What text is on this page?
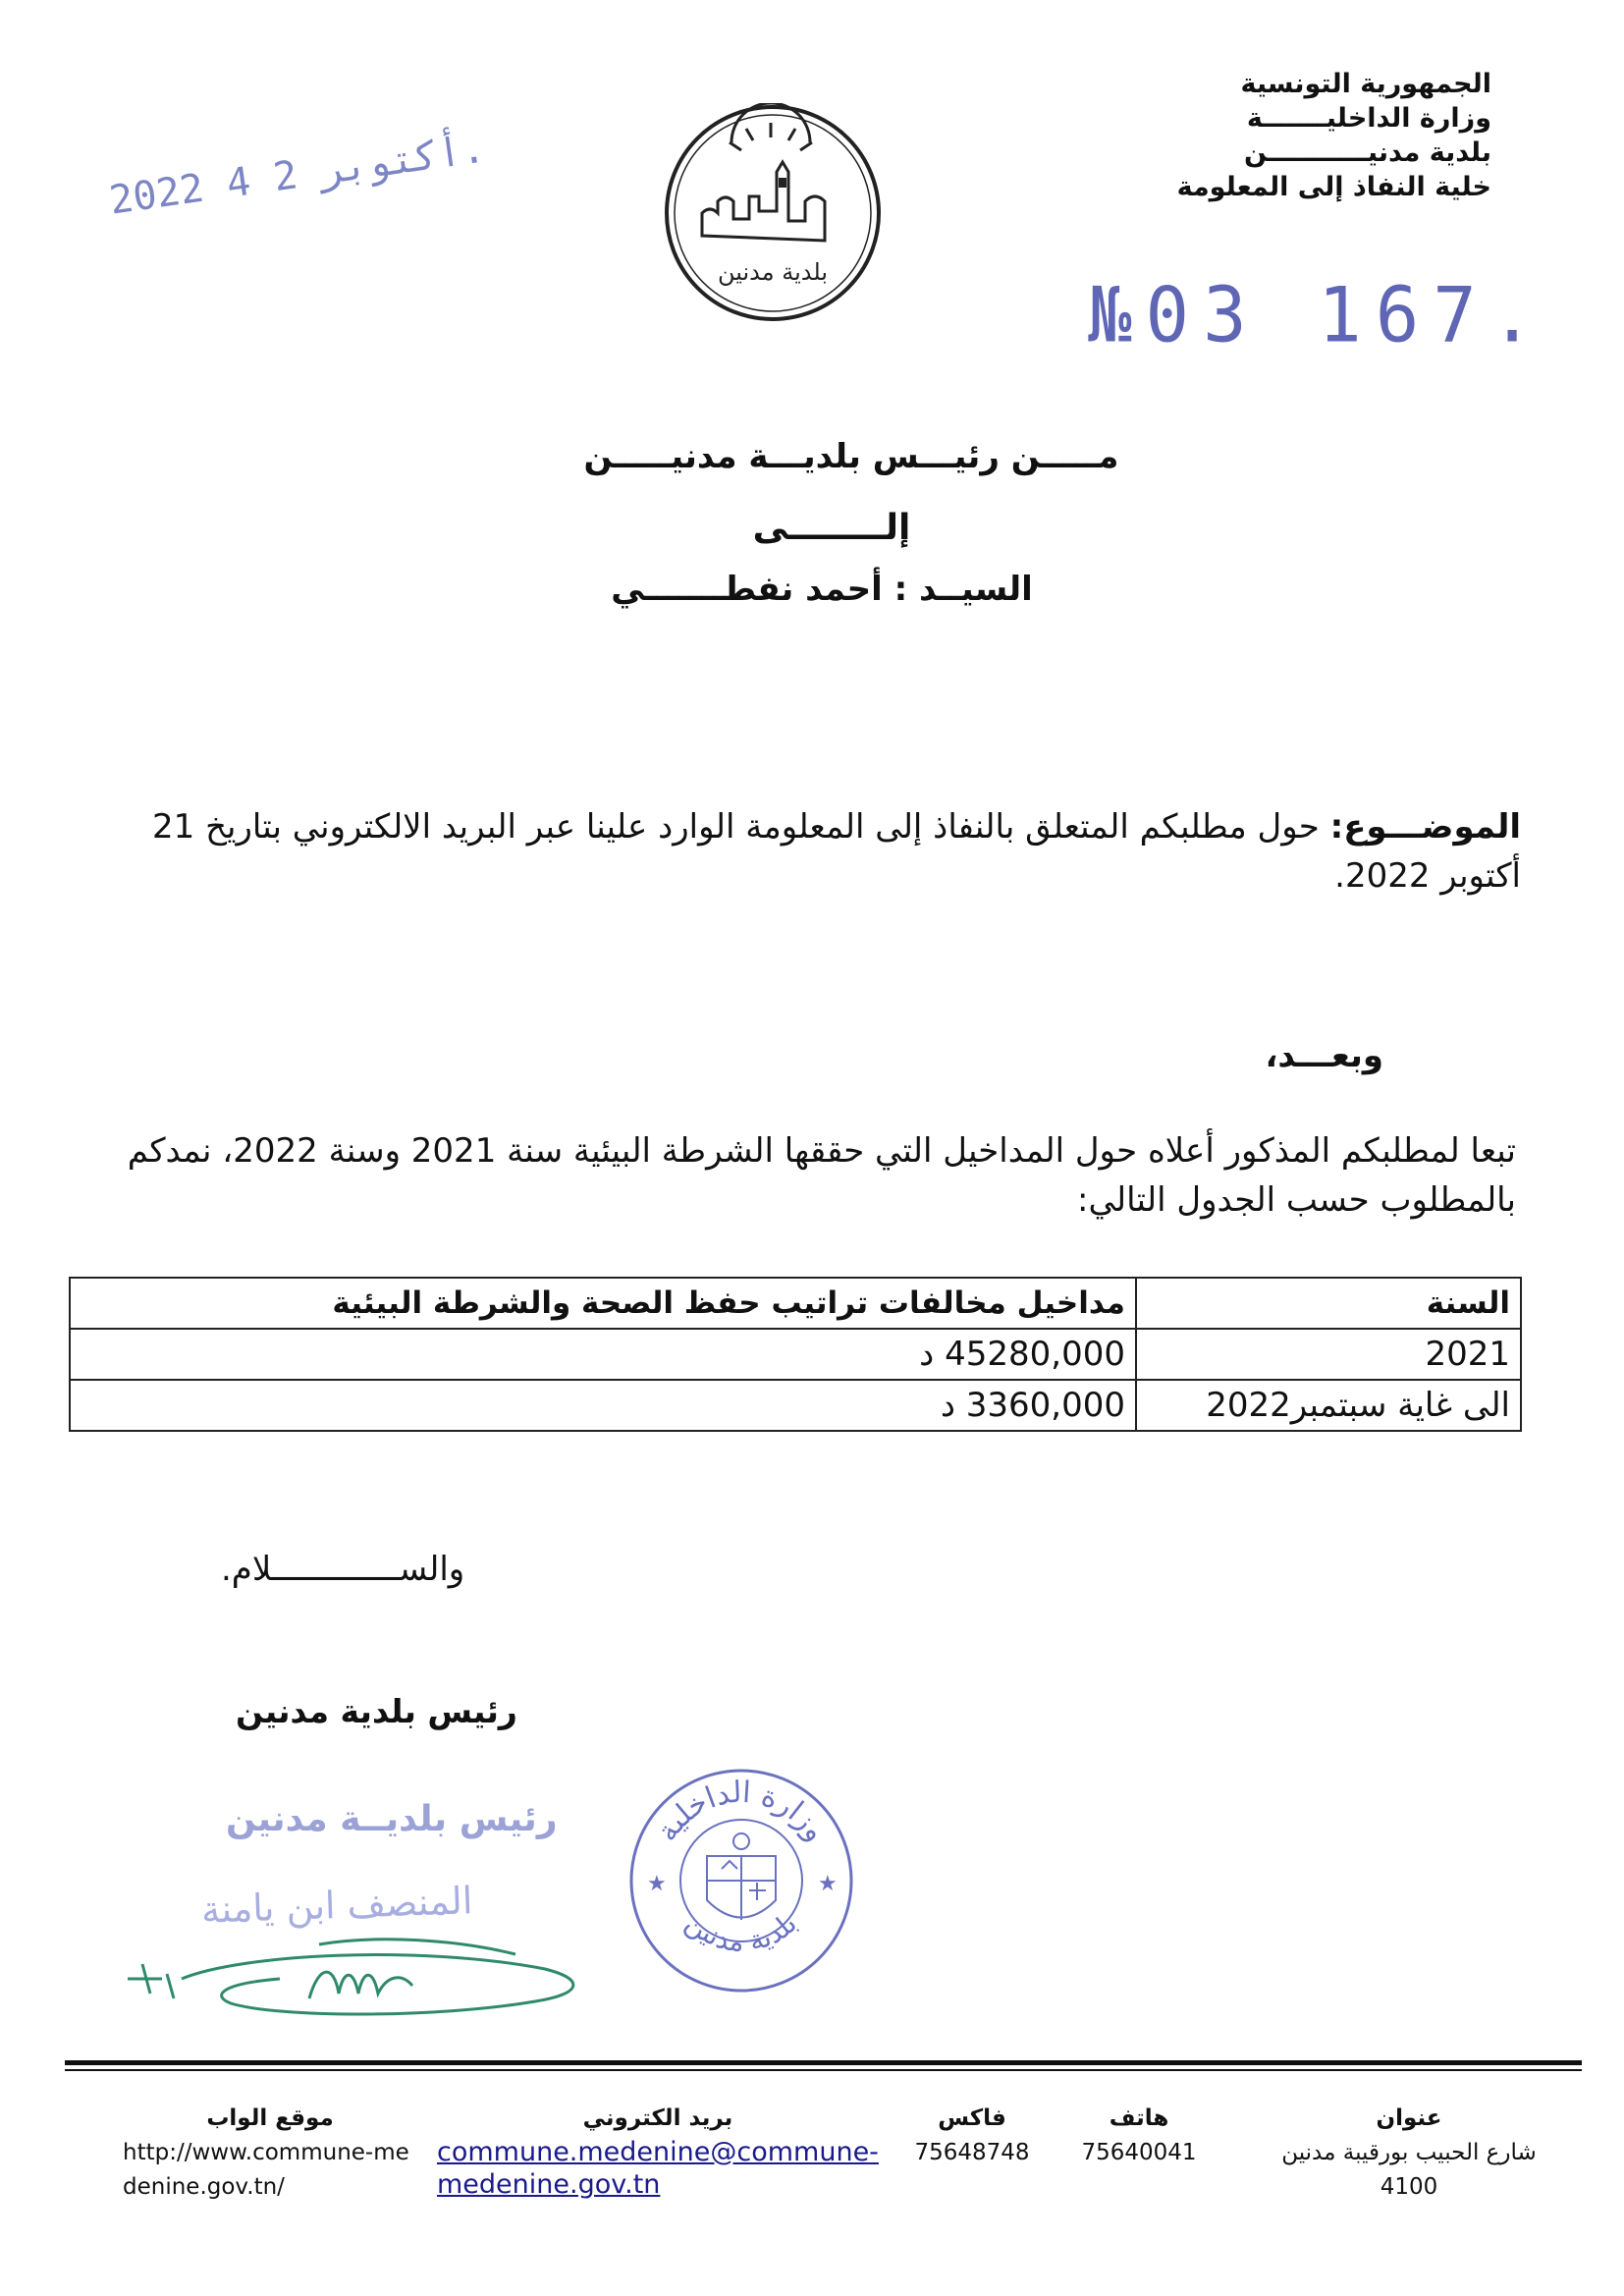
الجمهورية التونسية
وزارة الداخليـــــــة
بلدية مدنيـــــــــــن
خلية النفاذ إلى المعلومة
2022 أكتوبر 2 4.
بلدية مدنين	№03 167.
مـــــن رئيـــس بلديـــة مدنيـــــن
إلــــــــى
السيــد : أحمد نفطـــــــي
الموضـــوع: حول مطلبكم المتعلق بالنفاذ إلى المعلومة الوارد علينا عبر البريد الالكتروني بتاريخ 21 أكتوبر 2022.
وبعـــد،
تبعا لمطلبكم المذكور أعلاه حول المداخيل التي حققها الشرطة البيئية سنة 2021 وسنة 2022، نمدكم بالمطلوب حسب الجدول التالي:
السنة	مداخيل مخالفات تراتيب حفظ الصحة والشرطة البيئية
2021	45280,000 د
الى غاية سبتمبر2022	3360,000 د
والســـــــــــــلام.
رئيس بلدية مدنين
رئيس بلديــة مدنين
المنصف ابن يامنة
وزارة الداخلية
بلدية مدنين
★	★
عنوان
شارع الحبيب بورقيبة مدنين 4100
هاتف
75640041
فاكس
75648748
بريد الكتروني
commune.medenine@commune-medenine.gov.tn
موقع الواب
http://www.commune-medenine.gov.tn/
